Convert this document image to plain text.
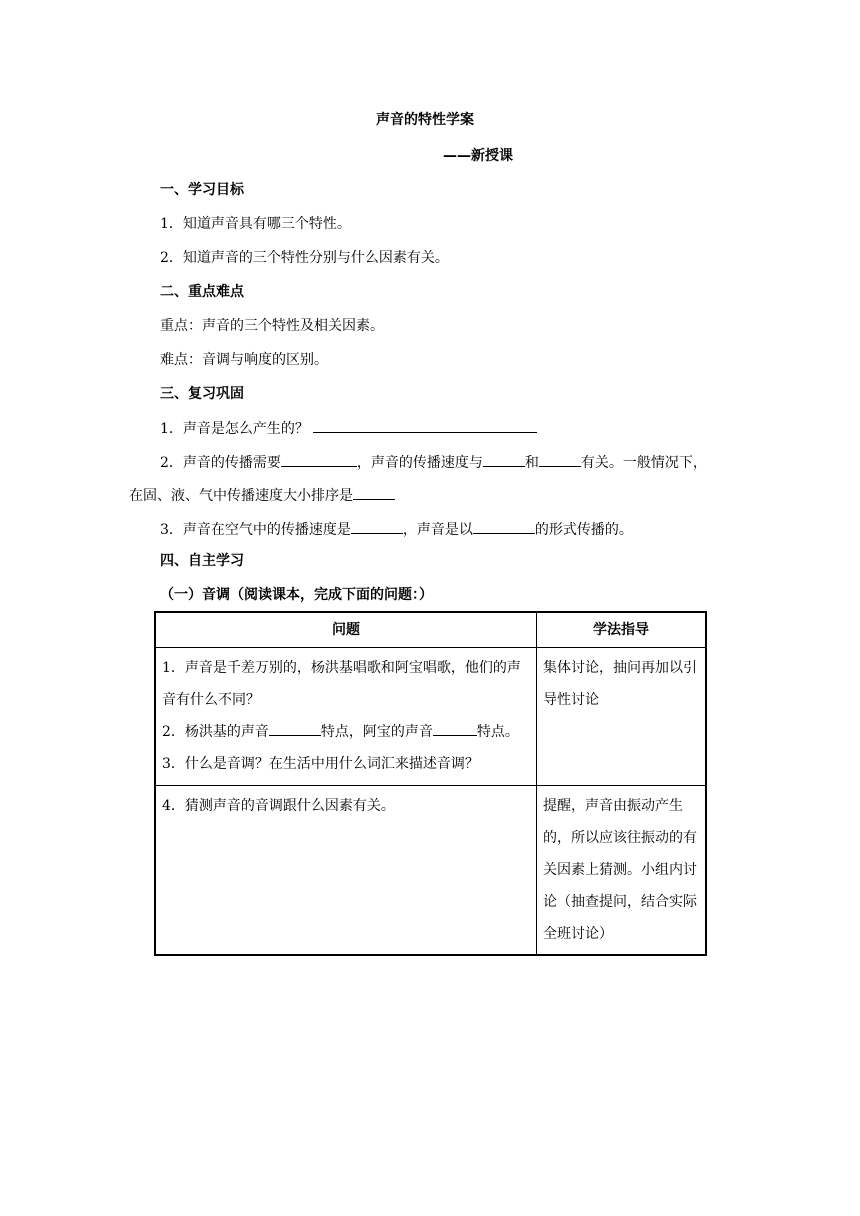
声音的特性学案
——新授课
一、学习目标
1．知道声音具有哪三个特性。
2．知道声音的三个特性分别与什么因素有关。
二、重点难点
重点：声音的三个特性及相关因素。
难点：音调与响度的区别。
三、复习巩固
1．声音是怎么产生的？
2．声音的传播需要	，声音的传播速度与	和	有关。一般情况下，
在固、液、气中传播速度大小排序是
3．声音在空气中的传播速度是	，声音是以	的形式传播的。
四、自主学习
（一）音调（阅读课本，完成下面的问题：）
问题	学法指导

1．声音是千差万别的，杨洪基唱歌和阿宝唱歌，他们的声音有什么不同？

2．杨洪基的声音 特点，阿宝的声音 特点。

3．什么是音调？在生活中用什么词汇来描述音调？	集体讨论，抽问再加以引导性讨论

4．猜测声音的音调跟什么因素有关。	提醒，声音由振动产生的，所以应该往振动的有关因素上猜测。小组内讨论（抽查提问，结合实际全班讨论）
